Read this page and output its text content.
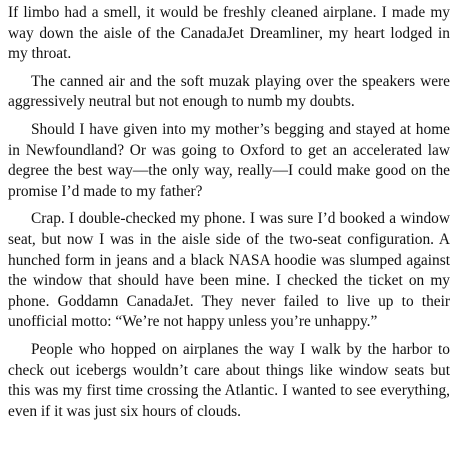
If limbo had a smell, it would be freshly cleaned airplane. I made my way down the aisle of the CanadaJet Dreamliner, my heart lodged in my throat.

The canned air and the soft muzak playing over the speakers were aggressively neutral but not enough to numb my doubts.

Should I have given into my mother’s begging and stayed at home in Newfoundland? Or was going to Oxford to get an accelerated law degree the best way—the only way, really—I could make good on the promise I’d made to my father?

Crap. I double-checked my phone. I was sure I’d booked a window seat, but now I was in the aisle side of the two-seat configuration. A hunched form in jeans and a black NASA hoodie was slumped against the window that should have been mine. I checked the ticket on my phone. Goddamn CanadaJet. They never failed to live up to their unofficial motto: “We’re not happy unless you’re unhappy.”

People who hopped on airplanes the way I walk by the harbor to check out icebergs wouldn’t care about things like window seats but this was my first time crossing the Atlantic. I wanted to see everything, even if it was just six hours of clouds.
